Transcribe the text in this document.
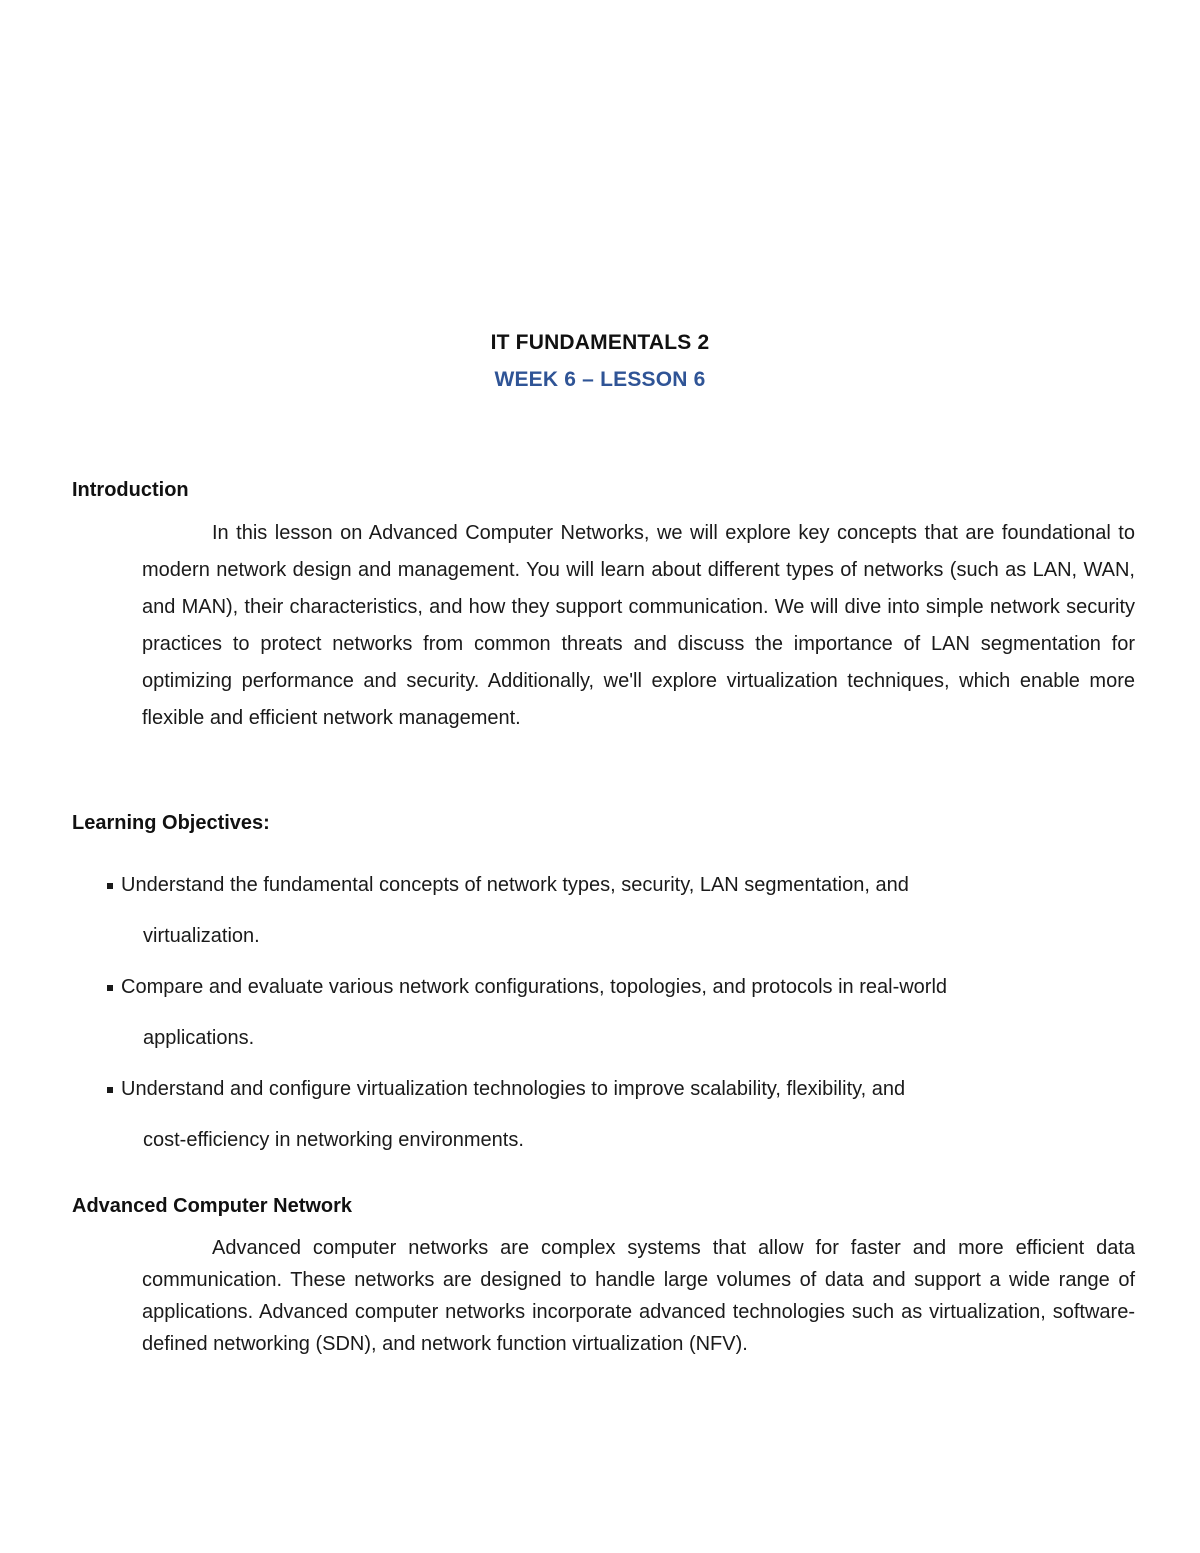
IT FUNDAMENTALS 2
WEEK 6 – LESSON 6
Introduction
In this lesson on Advanced Computer Networks, we will explore key concepts that are foundational to modern network design and management. You will learn about different types of networks (such as LAN, WAN, and MAN), their characteristics, and how they support communication. We will dive into simple network security practices to protect networks from common threats and discuss the importance of LAN segmentation for optimizing performance and security. Additionally, we'll explore virtualization techniques, which enable more flexible and efficient network management.
Learning Objectives:
Understand the fundamental concepts of network types, security, LAN segmentation, and
virtualization.
Compare and evaluate various network configurations, topologies, and protocols in real-world
applications.
Understand and configure virtualization technologies to improve scalability, flexibility, and
cost-efficiency in networking environments.
Advanced Computer Network
Advanced computer networks are complex systems that allow for faster and more efficient data communication. These networks are designed to handle large volumes of data and support a wide range of applications. Advanced computer networks incorporate advanced technologies such as virtualization, software-defined networking (SDN), and network function virtualization (NFV).
